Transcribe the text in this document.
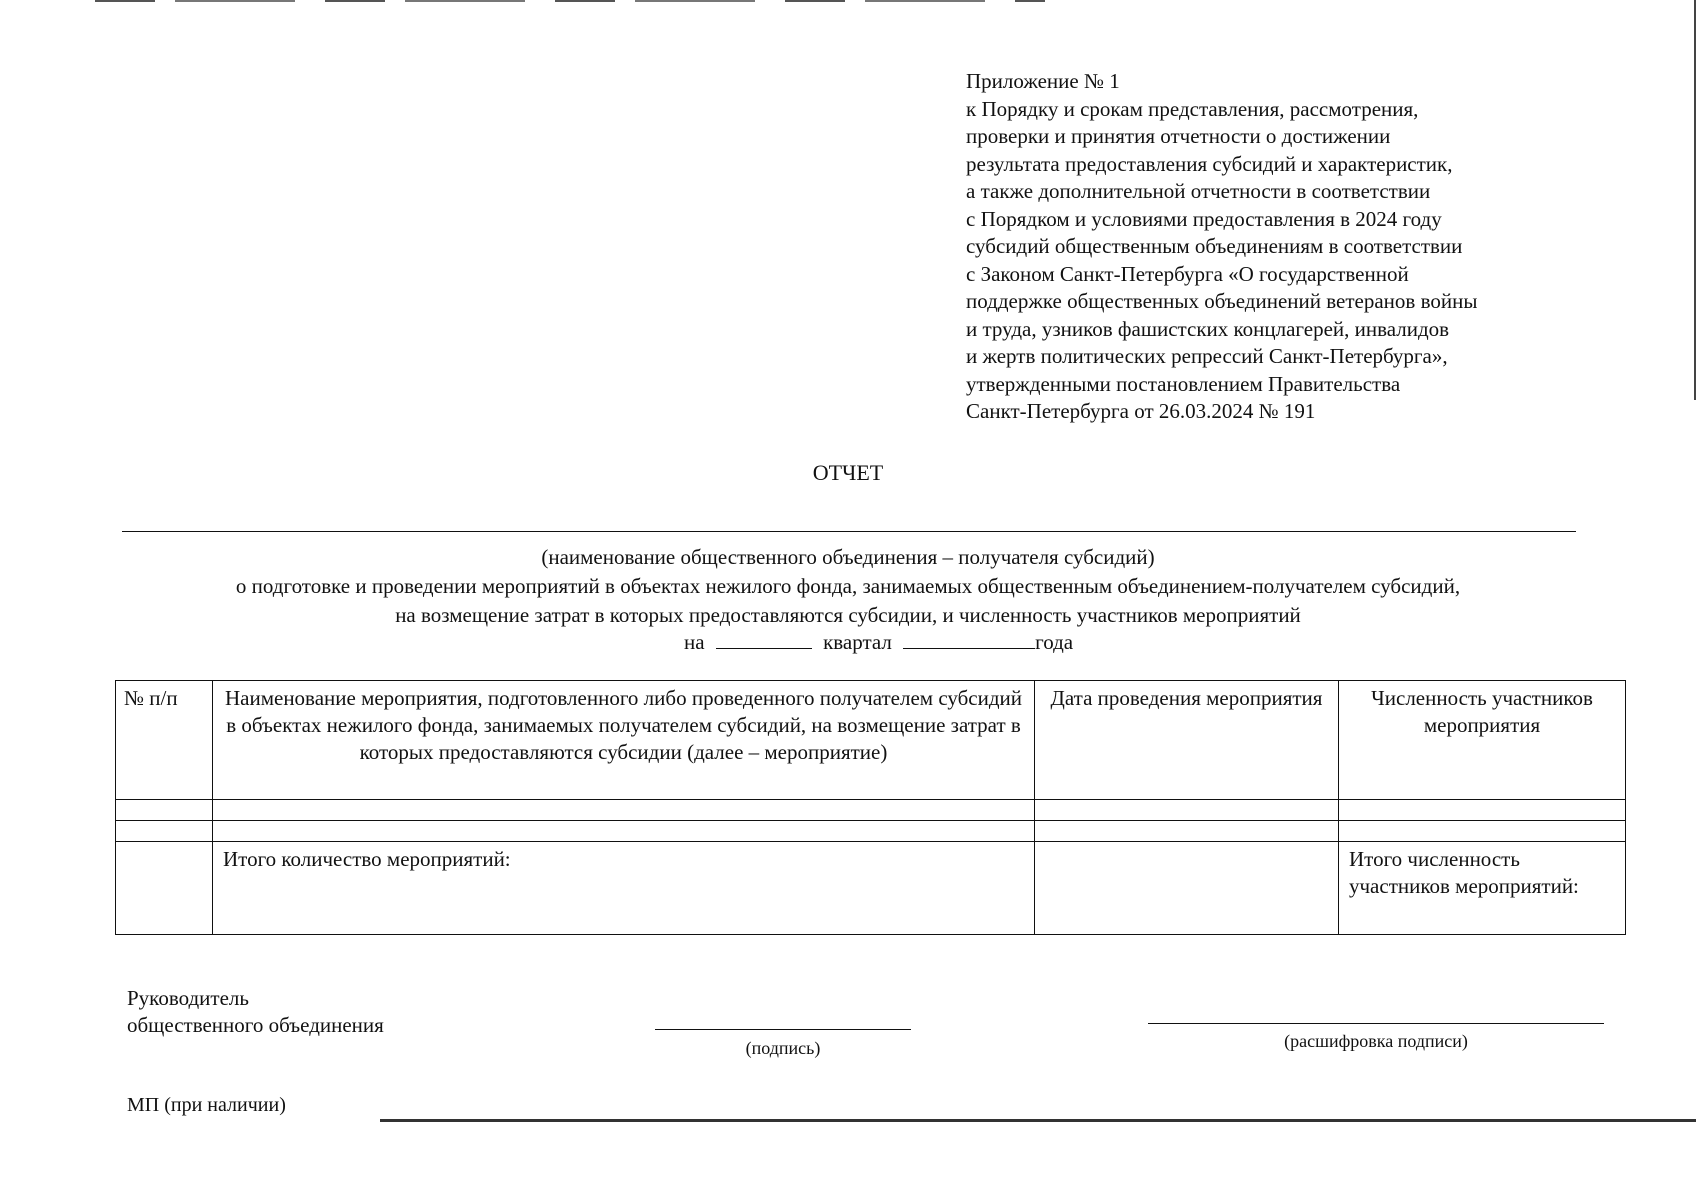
Приложение № 1
к Порядку и срокам представления, рассмотрения,
проверки и принятия отчетности о достижении
результата предоставления субсидий и характеристик,
а также дополнительной отчетности в соответствии
с Порядком и условиями предоставления в 2024 году
субсидий общественным объединениям в соответствии
с Законом Санкт-Петербурга «О государственной
поддержке общественных объединений ветеранов войны
и труда, узников фашистских концлагерей, инвалидов
и жертв политических репрессий Санкт-Петербурга»,
утвержденными постановлением Правительства
Санкт-Петербурга от 26.03.2024 № 191
ОТЧЕТ
(наименование общественного объединения – получателя субсидий)
о подготовке и проведении мероприятий в объектах нежилого фонда, занимаемых общественным объединением-получателем субсидий,
на возмещение затрат в которых предоставляются субсидии, и численность участников мероприятий
на	квартал	года
№ п/п	Наименование мероприятия, подготовленного либо проведенного получателем субсидий в объектах нежилого фонда, занимаемых получателем субсидий, на возмещение затрат в которых предоставляются субсидии (далее – мероприятие)	Дата проведения мероприятия	Численность участников мероприятия

	Итого количество мероприятий:		Итого численность участников мероприятий:
Руководитель
общественного объединения
(подпись)	(расшифровка подписи)
МП (при наличии)
